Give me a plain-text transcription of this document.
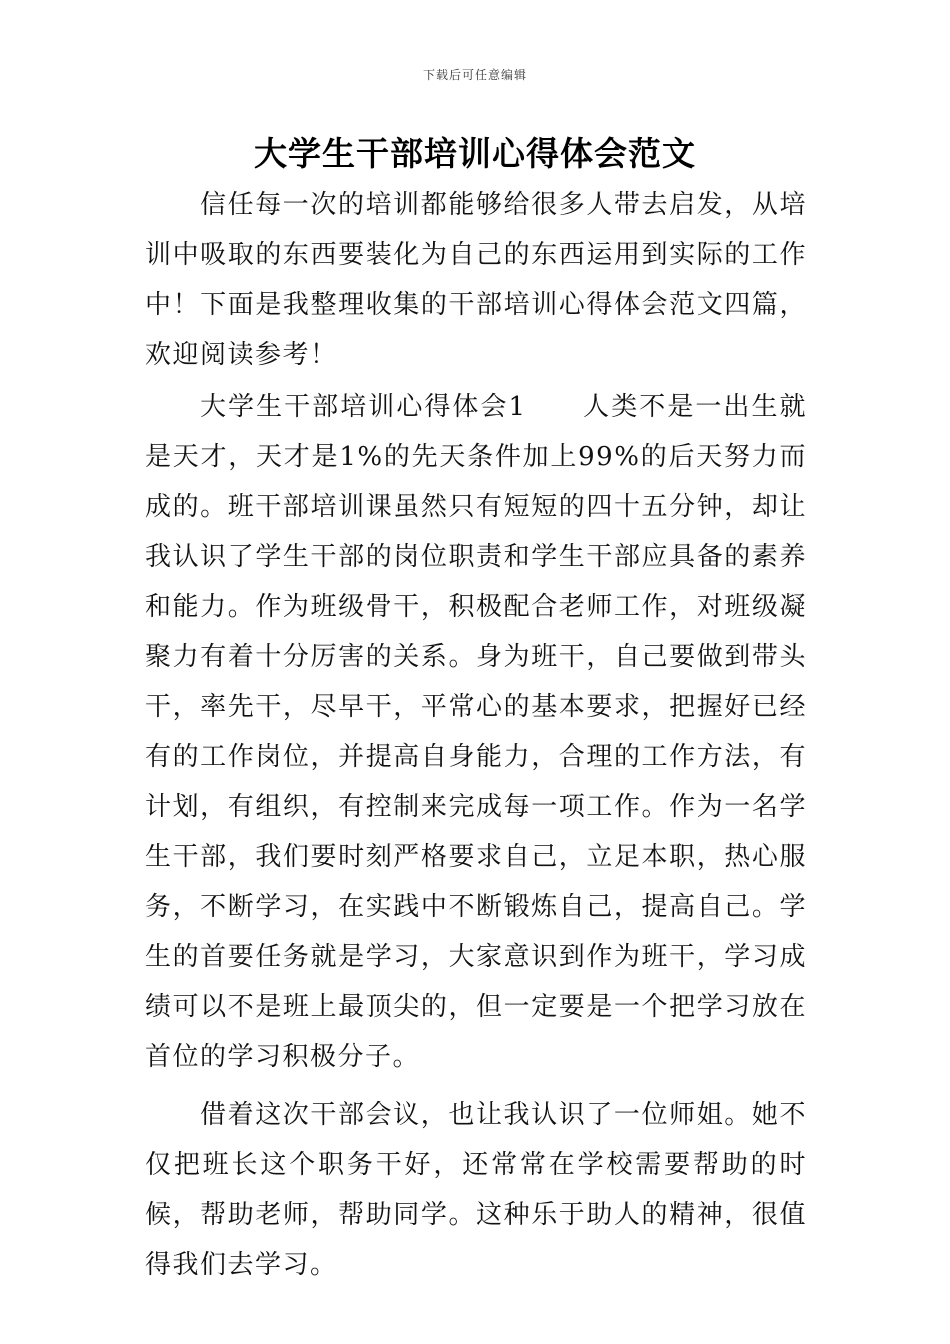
下载后可任意编辑
大学生干部培训心得体会范文

信任每一次的培训都能够给很多人带去启发，从培训中吸取的东西要装化为自己的东西运用到实际的工作中！下面是我整理收集的干部培训心得体会范文四篇，欢迎阅读参考！

大学生干部培训心得体会1　　人类不是一出生就是天才，天才是1%的先天条件加上99%的后天努力而成的。班干部培训课虽然只有短短的四十五分钟，却让我认识了学生干部的岗位职责和学生干部应具备的素养和能力。作为班级骨干，积极配合老师工作，对班级凝聚力有着十分厉害的关系。身为班干，自己要做到带头干，率先干，尽早干，平常心的基本要求，把握好已经有的工作岗位，并提高自身能力，合理的工作方法，有计划，有组织，有控制来完成每一项工作。作为一名学生干部，我们要时刻严格要求自己，立足本职，热心服务，不断学习，在实践中不断锻炼自己，提高自己。学生的首要任务就是学习，大家意识到作为班干，学习成绩可以不是班上最顶尖的，但一定要是一个把学习放在首位的学习积极分子。

借着这次干部会议，也让我认识了一位师姐。她不仅把班长这个职务干好，还常常在学校需要帮助的时候，帮助老师，帮助同学。这种乐于助人的精神，很值得我们去学习。
